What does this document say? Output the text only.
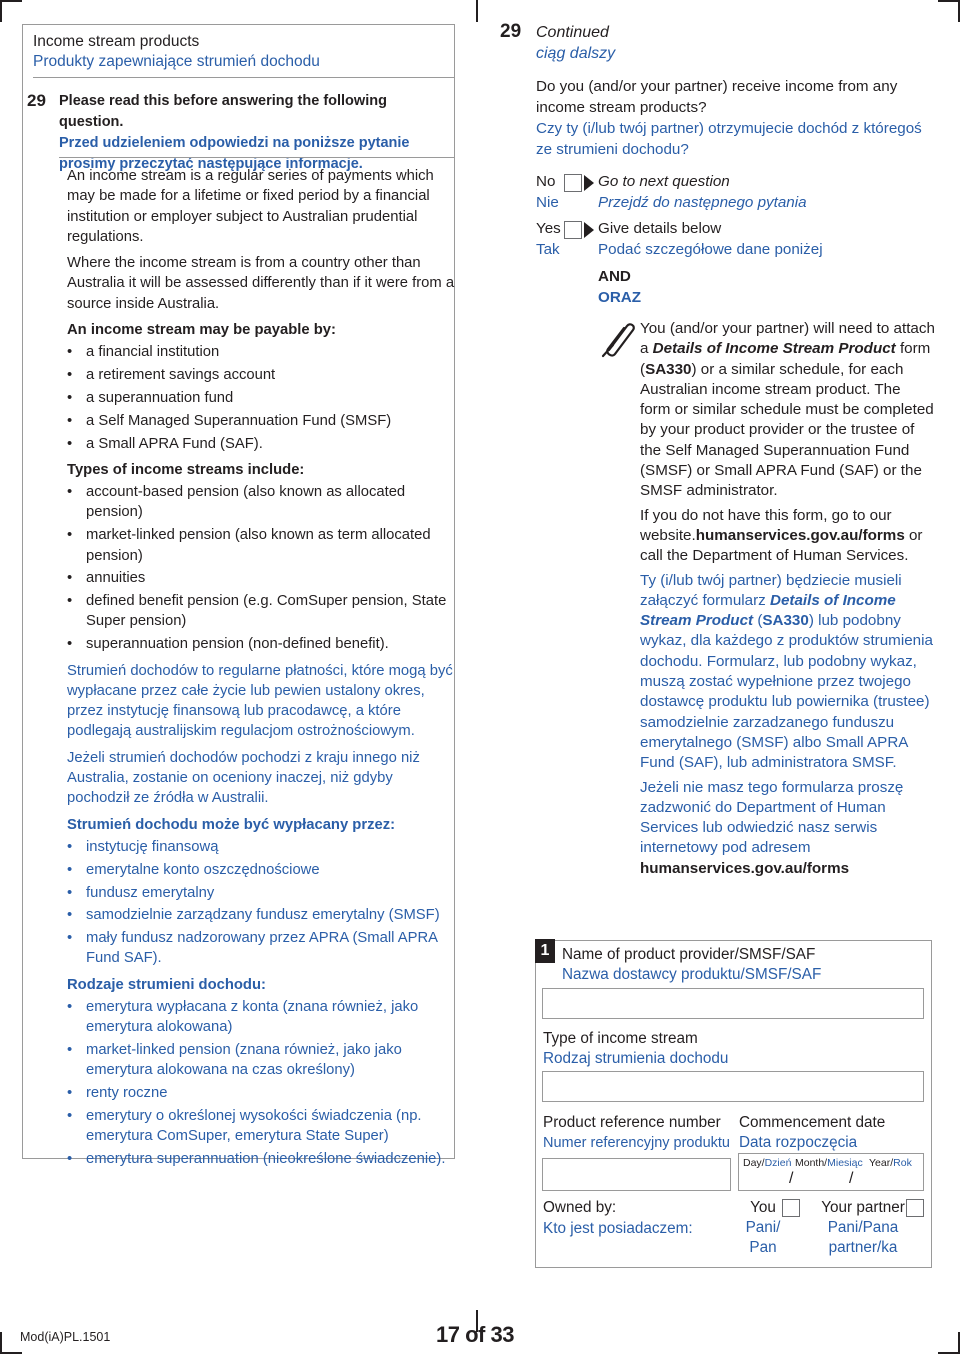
Income stream products
Produkty zapewniające strumień dochodu
29 Please read this before answering the following question.
Przed udzieleniem odpowiedzi na poniższe pytanie prosimy przeczytać następujące informacje.

An income stream is a regular series of payments which may be made for a lifetime or fixed period by a financial institution or employer subject to Australian prudential regulations.

Where the income stream is from a country other than Australia it will be assessed differently than if it were from a source inside Australia.

An income stream may be payable by:
• a financial institution
• a retirement savings account
• a superannuation fund
• a Self Managed Superannuation Fund (SMSF)
• a Small APRA Fund (SAF).
Types of income streams include:
• account-based pension (also known as allocated pension)
• market-linked pension (also known as term allocated pension)
• annuities
• defined benefit pension (e.g. ComSuper pension, State Super pension)
• superannuation pension (non-defined benefit).

Strumień dochodów to regularne płatności, które mogą być wypłacane przez całe życie lub pewien ustalony okres, przez instytucję finansową lub pracodawcę, a które podlegają australijskim regulacjom ostrożnościowym.

Jeżeli strumień dochodów pochodzi z kraju innego niż Australia, zostanie on oceniony inaczej, niż gdyby pochodził ze źródła w Australii.

Strumień dochodu może być wypłacany przez:
• instytucję finansową
• emerytalne konto oszczędnościowe
• fundusz emerytalny
• samodzielnie zarządzany fundusz emerytalny (SMSF)
• mały fundusz nadzorowany przez APRA (Small APRA Fund SAF).
Rodzaje strumieni dochodu:
• emerytura wypłacana z konta (znana również, jako emerytura alokowana)
• market-linked pension (znana również, jako jako emerytura alokowana na czas określony)
• renty roczne
• emerytury o określonej wysokości świadczenia (np. emerytura ComSuper, emerytura State Super)
• emerytura superannuation (nieokreślone świadczenie).
29 Continued
ciąg dalszy
Do you (and/or your partner) receive income from any income stream products?
Czy ty (i/lub twój partner) otrzymujecie dochód z któregoś ze strumieni dochodu?
No
Nie
Go to next question
Przejdź do następnego pytania
Yes
Tak
Give details below
Podać szczegółowe dane poniżej
AND
ORAZ

You (and/or your partner) will need to attach a Details of Income Stream Product form (SA330) or a similar schedule, for each Australian income stream product. The form or similar schedule must be completed by your product provider or the trustee of the Self Managed Superannuation Fund (SMSF) or Small APRA Fund (SAF) or the SMSF administrator.

If you do not have this form, go to our website.humanservices.gov.au/forms or call the Department of Human Services.

Ty (i/lub twój partner) będziecie musieli załączyć formularz Details of Income Stream Product (SA330) lub podobny wykaz, dla każdego z produktów strumienia dochodu. Formularz, lub podobny wykaz, muszą zostać wypełnione przez twojego dostawcę produktu lub powiernika (trustee) samodzielnie zarzadzanego funduszu emerytalnego (SMSF) albo Small APRA Fund (SAF), lub administratora SMSF.

Jeżeli nie masz tego formularza proszę zadzwonić do Department of Human Services lub odwiedzić nasz serwis internetowy pod adresem humanservices.gov.au/forms

1 Name of product provider/SMSF/SAF
Nazwa dostawcy produktu/SMSF/SAF
Type of income stream
Rodzaj strumienia dochodu
Product reference number
Numer referencyjny produktu
Commencement date
Data rozpoczęcia
Day/Dzień Month/Miesiąc Year/Rok
/	/
Owned by:
Kto jest posiadaczem:
You
Pani/
Pan
Your partner
Pani/Pana
partner/ka
Mod(iA)PL.1501	17 of 33
